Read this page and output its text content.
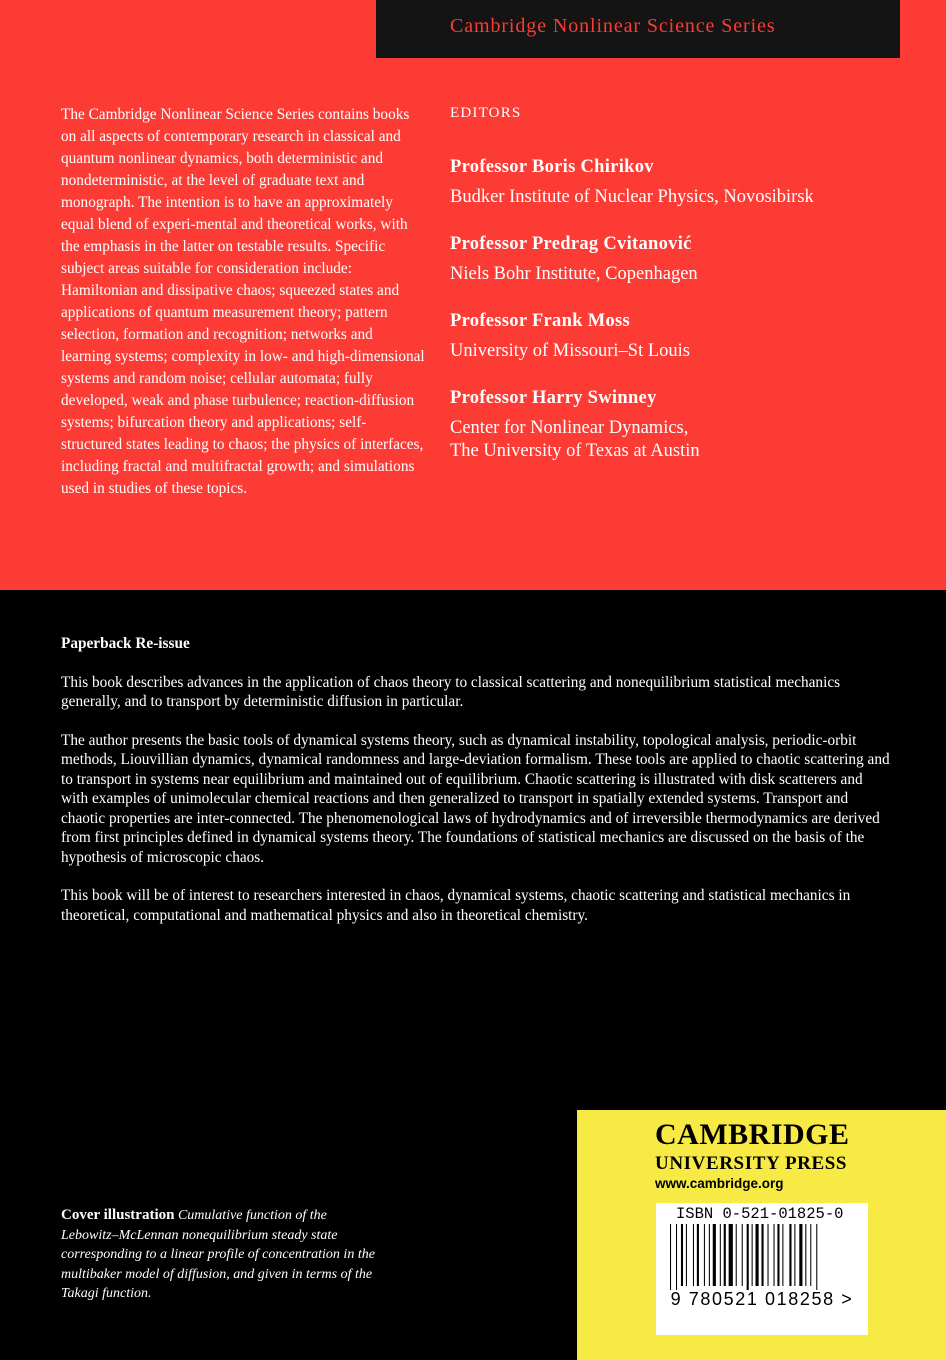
Cambridge Nonlinear Science Series
The Cambridge Nonlinear Science Series contains books on all aspects of contemporary research in classical and quantum nonlinear dynamics, both deterministic and nondeterministic, at the level of graduate text and monograph. The intention is to have an approximately equal blend of experi-mental and theoretical works, with the emphasis in the latter on testable results. Specific subject areas suitable for consideration include: Hamiltonian and dissipative chaos; squeezed states and applications of quantum measurement theory; pattern selection, formation and recognition; networks and learning systems; complexity in low- and high-dimensional systems and random noise; cellular automata; fully developed, weak and phase turbulence; reaction-diffusion systems; bifurcation theory and applications; self-structured states leading to chaos; the physics of interfaces, including fractal and multifractal growth; and simulations used in studies of these topics.
EDITORS
Professor Boris Chirikov
Budker Institute of Nuclear Physics, Novosibirsk
Professor Predrag Cvitanović
Niels Bohr Institute, Copenhagen
Professor Frank Moss
University of Missouri–St Louis
Professor Harry Swinney
Center for Nonlinear Dynamics,
The University of Texas at Austin
Paperback Re-issue

This book describes advances in the application of chaos theory to classical scattering and nonequilibrium statistical mechanics generally, and to transport by deterministic diffusion in particular.

The author presents the basic tools of dynamical systems theory, such as dynamical instability, topological analysis, periodic-orbit methods, Liouvillian dynamics, dynamical randomness and large-deviation formalism. These tools are applied to chaotic scattering and to transport in systems near equilibrium and maintained out of equilibrium. Chaotic scattering is illustrated with disk scatterers and with examples of unimolecular chemical reactions and then generalized to transport in spatially extended systems. Transport and chaotic properties are inter-connected. The phenomenological laws of hydrodynamics and of irreversible thermodynamics are derived from first principles defined in dynamical systems theory. The foundations of statistical mechanics are discussed on the basis of the hypothesis of microscopic chaos.

This book will be of interest to researchers interested in chaos, dynamical systems, chaotic scattering and statistical mechanics in theoretical, computational and mathematical physics and also in theoretical chemistry.

Cover illustration Cumulative function of the Lebowitz–McLennan nonequilibrium steady state corresponding to a linear profile of concentration in the multibaker model of diffusion, and given in terms of the Takagi function.
CAMBRIDGE
UNIVERSITY PRESS
www.cambridge.org
ISBN 0-521-01825-0
9 780521 018258 >
